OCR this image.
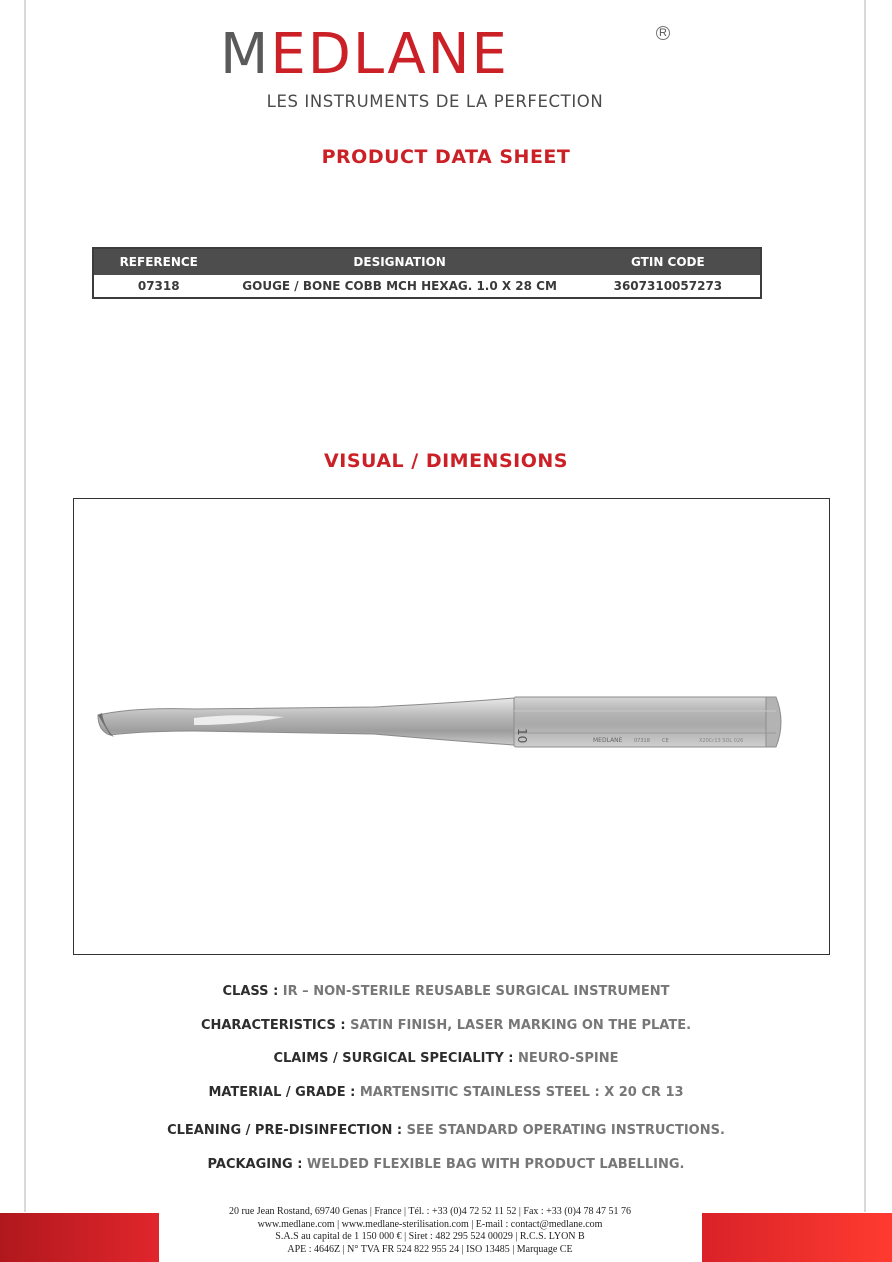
MEDLANE	R
LES INSTRUMENTS DE LA PERFECTION
PRODUCT DATA SHEET
REFERENCE	DESIGNATION	GTIN CODE
07318	GOUGE / BONE COBB MCH HEXAG. 1.0 X 28 CM	3607310057273
VISUAL / DIMENSIONS
10	MEDLANE 07318 CE	X20Cr13 SOL 026
CLASS : IR – NON-STERILE REUSABLE SURGICAL INSTRUMENT
CHARACTERISTICS : SATIN FINISH, LASER MARKING ON THE PLATE.
CLAIMS / SURGICAL SPECIALITY : NEURO-SPINE
MATERIAL / GRADE : MARTENSITIC STAINLESS STEEL : X 20 CR 13
CLEANING / PRE-DISINFECTION : SEE STANDARD OPERATING INSTRUCTIONS.
PACKAGING : WELDED FLEXIBLE BAG WITH PRODUCT LABELLING.
20 rue Jean Rostand, 69740 Genas | France | Tél. : +33 (0)4 72 52 11 52 | Fax : +33 (0)4 78 47 51 76
www.medlane.com | www.medlane-sterilisation.com | E-mail : contact@medlane.com
S.A.S au capital de 1 150 000 € | Siret : 482 295 524 00029 | R.C.S. LYON B
APE : 4646Z | N° TVA FR 524 822 955 24 | ISO 13485 | Marquage CE
